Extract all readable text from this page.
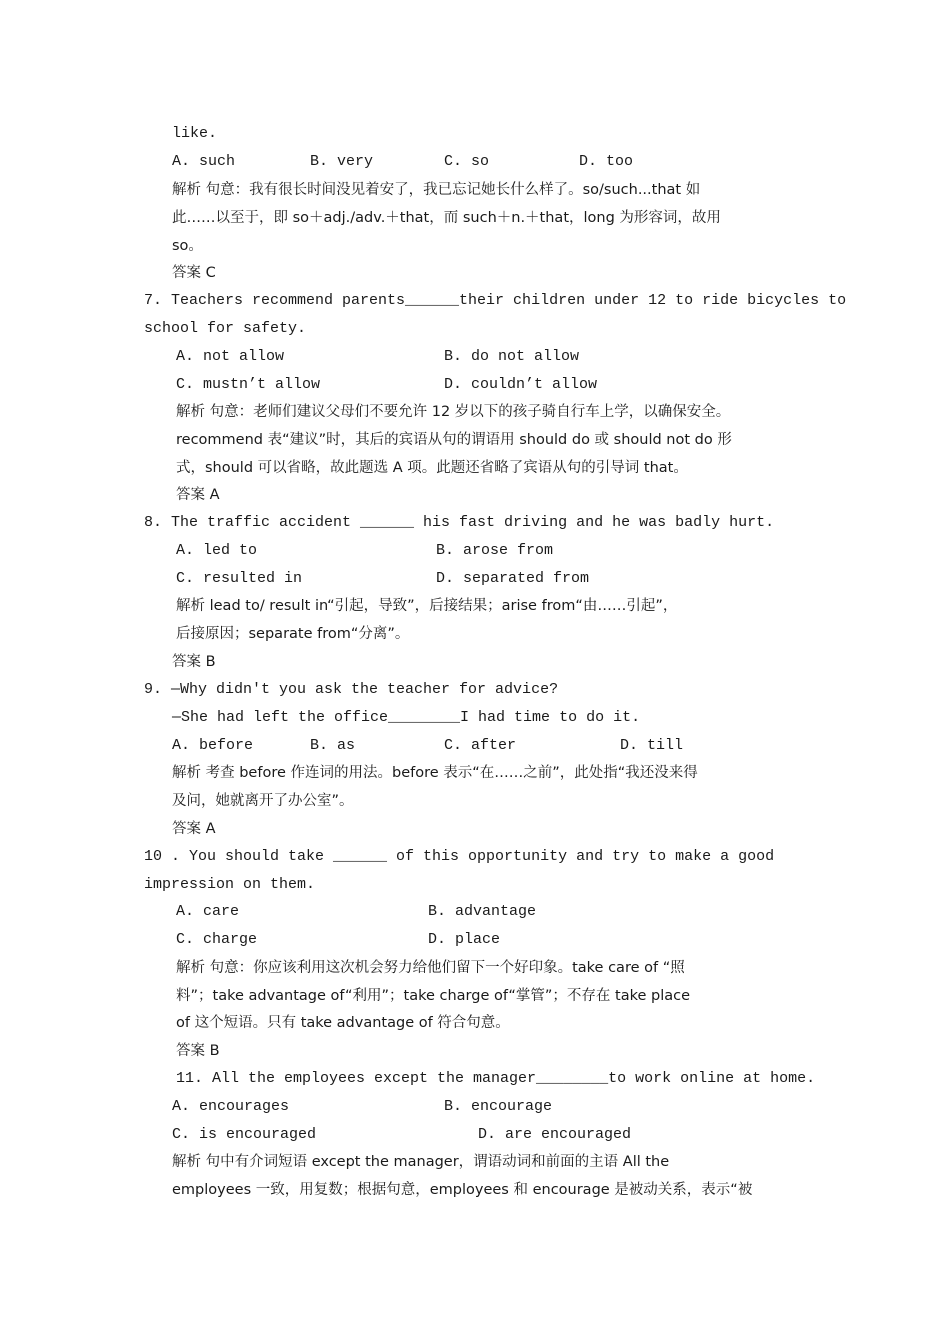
like.
A. such	B. very	C. so	D. too
解析 句意：我有很长时间没见着安了，我已忘记她长什么样了。so/such...that 如
此……以至于，即 so＋adj./adv.＋that，而 such＋n.＋that，long 为形容词，故用
so。
答案 C
7. Teachers recommend parents______their children under 12 to ride bicycles to
school for safety.
A. not allow	B. do not allow
C. mustn’t allow	D. couldn’t allow
解析 句意：老师们建议父母们不要允许 12 岁以下的孩子骑自行车上学，以确保安全。
recommend 表“建议”时，其后的宾语从句的谓语用 should do 或 should not do 形
式，should 可以省略，故此题选 A 项。此题还省略了宾语从句的引导词 that。
答案 A
8. The traffic accident ______ his fast driving and he was badly hurt.
A. led to	B. arose from
C. resulted in	D. separated from
解析 lead to/ result in“引起，导致”，后接结果；arise from“由……引起”，
后接原因；separate from“分离”。
答案 B
9. —Why didn't you ask the teacher for advice?
—She had left the office________I had time to do it.
A. before	B. as	C. after	D. till
解析 考查 before 作连词的用法。before 表示“在……之前”，此处指“我还没来得
及问，她就离开了办公室”。
答案 A
10 . You should take ______ of this opportunity and try to make a good
impression on them.
A. care	B. advantage
C. charge	D. place
解析 句意：你应该利用这次机会努力给他们留下一个好印象。take care of “照
料”；take advantage of“利用”；take charge of“掌管”；不存在 take place
of 这个短语。只有 take advantage of 符合句意。
答案 B
11. All the employees except the manager________to work online at home.
A. encourages	B. encourage
C. is encouraged	D. are encouraged
解析 句中有介词短语 except the manager，谓语动词和前面的主语 All the
employees 一致，用复数；根据句意，employees 和 encourage 是被动关系，表示“被
